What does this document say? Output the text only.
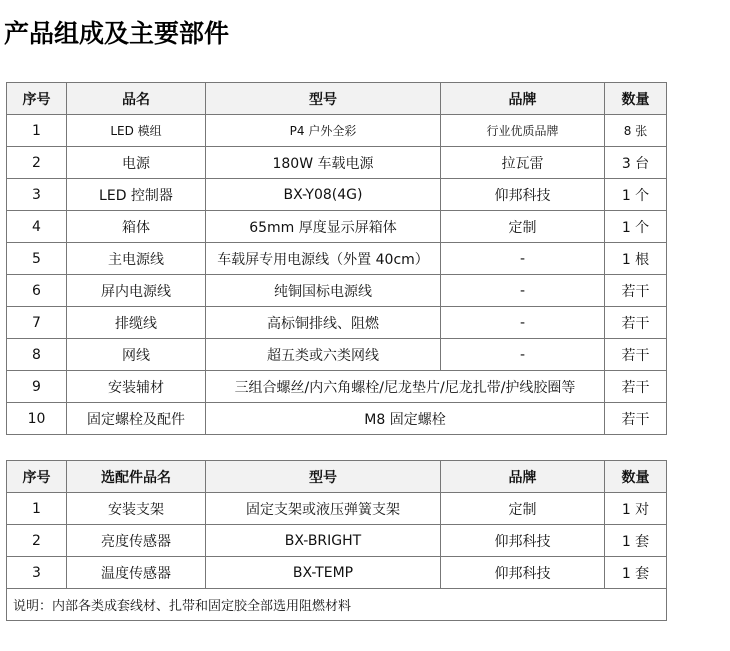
产品组成及主要部件
序号	品名	型号	品牌	数量
1	LED 模组	P4 户外全彩	行业优质品牌	8 张
2	电源	180W 车载电源	拉瓦雷	3 台
3	LED 控制器	BX-Y08(4G)	仰邦科技	1 个
4	箱体	65mm 厚度显示屏箱体	定制	1 个
5	主电源线	车载屏专用电源线（外置 40cm）	-	1 根
6	屏内电源线	纯铜国标电源线	-	若干
7	排缆线	高标铜排线、阻燃	-	若干
8	网线	超五类或六类网线	-	若干
9	安装辅材	三组合螺丝/内六角螺栓/尼龙垫片/尼龙扎带/护线胶圈等		若干
10	固定螺栓及配件	M8 固定螺栓		若干
序号	选配件品名	型号	品牌	数量
1	安装支架	固定支架或液压弹簧支架	定制	1 对
2	亮度传感器	BX-BRIGHT	仰邦科技	1 套
3	温度传感器	BX-TEMP	仰邦科技	1 套
说明：内部各类成套线材、扎带和固定胶全部选用阻燃材料				
